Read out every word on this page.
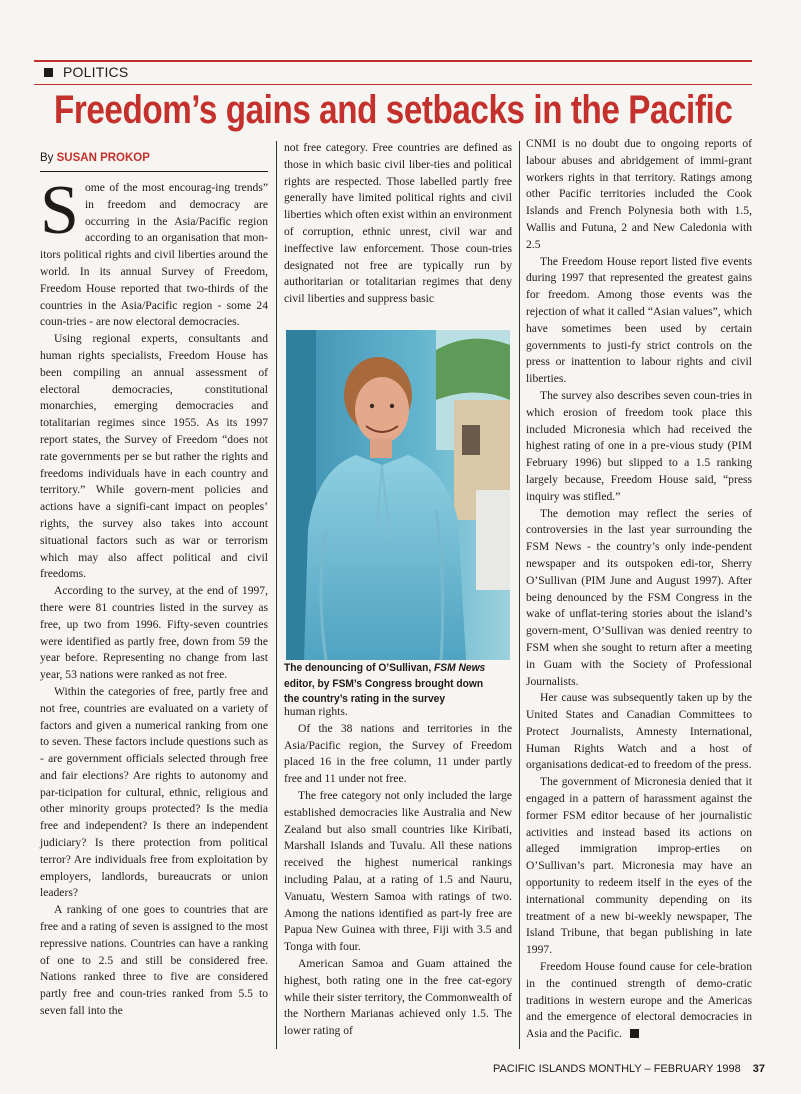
POLITICS
Freedom’s gains and setbacks in the Pacific
By SUSAN PROKOP

Some of the most encourag-ing trends” in freedom and democracy are occurring in the Asia/Pacific region according to an organisation that mon-itors political rights and civil liberties around the world. In its annual Survey of Freedom, Freedom House reported that two-thirds of the countries in the Asia/Pacific region - some 24 coun-tries - are now electoral democracies.

Using regional experts, consultants and human rights specialists, Freedom House has been compiling an annual assessment of electoral democracies, constitutional monarchies, emerging democracies and totalitarian regimes since 1955. As its 1997 report states, the Survey of Freedom “does not rate governments per se but rather the rights and freedoms individuals have in each country and territory.” While govern-ment policies and actions have a signifi-cant impact on peoples’ rights, the survey also takes into account situational factors such as war or terrorism which may also affect political and civil freedoms.

According to the survey, at the end of 1997, there were 81 countries listed in the survey as free, up two from 1996. Fifty-seven countries were identified as partly free, down from 59 the year before. Representing no change from last year, 53 nations were ranked as not free.

Within the categories of free, partly free and not free, countries are evaluated on a variety of factors and given a numerical ranking from one to seven. These factors include questions such as - are government officials selected through free and fair elections? Are rights to autonomy and par-ticipation for cultural, ethnic, religious and other minority groups protected? Is the media free and independent? Is there an independent judiciary? Is there protection from political terror? Are individuals free from exploitation by employers, landlords, bureaucrats or union leaders?

A ranking of one goes to countries that are free and a rating of seven is assigned to the most repressive nations. Countries can have a ranking of one to 2.5 and still be considered free. Nations ranked three to five are considered partly free and coun-tries ranked from 5.5 to seven fall into the

not free category. Free countries are defined as those in which basic civil liber-ties and political rights are respected. Those labelled partly free generally have limited political rights and civil liberties which often exist within an environment of corruption, ethnic unrest, civil war and ineffective law enforcement. Those coun-tries designated not free are typically run by authoritarian or totalitarian regimes that deny civil liberties and suppress basic

The denouncing of O’Sullivan, FSM News editor, by FSM’s Congress brought down the country’s rating in the survey

human rights.

Of the 38 nations and territories in the Asia/Pacific region, the Survey of Freedom placed 16 in the free column, 11 under partly free and 11 under not free.

The free category not only included the large established democracies like Australia and New Zealand but also small countries like Kiribati, Marshall Islands and Tuvalu. All these nations received the highest numerical rankings including Palau, at a rating of 1.5 and Nauru, Vanuatu, Western Samoa with ratings of two. Among the nations identified as part-ly free are Papua New Guinea with three, Fiji with 3.5 and Tonga with four.

American Samoa and Guam attained the highest, both rating one in the free cat-egory while their sister territory, the Commonwealth of the Northern Marianas achieved only 1.5. The lower rating of

CNMI is no doubt due to ongoing reports of labour abuses and abridgement of immi-grant workers rights in that territory. Ratings among other Pacific territories included the Cook Islands and French Polynesia both with 1.5, Wallis and Futuna, 2 and New Caledonia with 2.5

The Freedom House report listed five events during 1997 that represented the greatest gains for freedom. Among those events was the rejection of what it called “Asian values”, which have sometimes been used by certain governments to justi-fy strict controls on the press or inattention to labour rights and civil liberties.

The survey also describes seven coun-tries in which erosion of freedom took place this included Micronesia which had received the highest rating of one in a pre-vious study (PIM February 1996) but slipped to a 1.5 ranking largely because, Freedom House said, “press inquiry was stifled.”

The demotion may reflect the series of controversies in the last year surrounding the FSM News - the country’s only inde-pendent newspaper and its outspoken edi-tor, Sherry O’Sullivan (PIM June and August 1997). After being denounced by the FSM Congress in the wake of unflat-tering stories about the island’s govern-ment, O’Sullivan was denied reentry to FSM when she sought to return after a meeting in Guam with the Society of Professional Journalists.

Her cause was subsequently taken up by the United States and Canadian Committees to Protect Journalists, Amnesty International, Human Rights Watch and a host of organisations dedicat-ed to freedom of the press.

The government of Micronesia denied that it engaged in a pattern of harassment against the former FSM editor because of her journalistic activities and instead based its actions on alleged immigration improp-erties on O’Sullivan’s part. Micronesia may have an opportunity to redeem itself in the eyes of the international community depending on its treatment of a new bi-weekly newspaper, The Island Tribune, that began publishing in late 1997.

Freedom House found cause for cele-bration in the continued strength of demo-cratic traditions in western europe and the Americas and the emergence of electoral democracies in Asia and the Pacific.

PACIFIC ISLANDS MONTHLY – FEBRUARY 1998 37
